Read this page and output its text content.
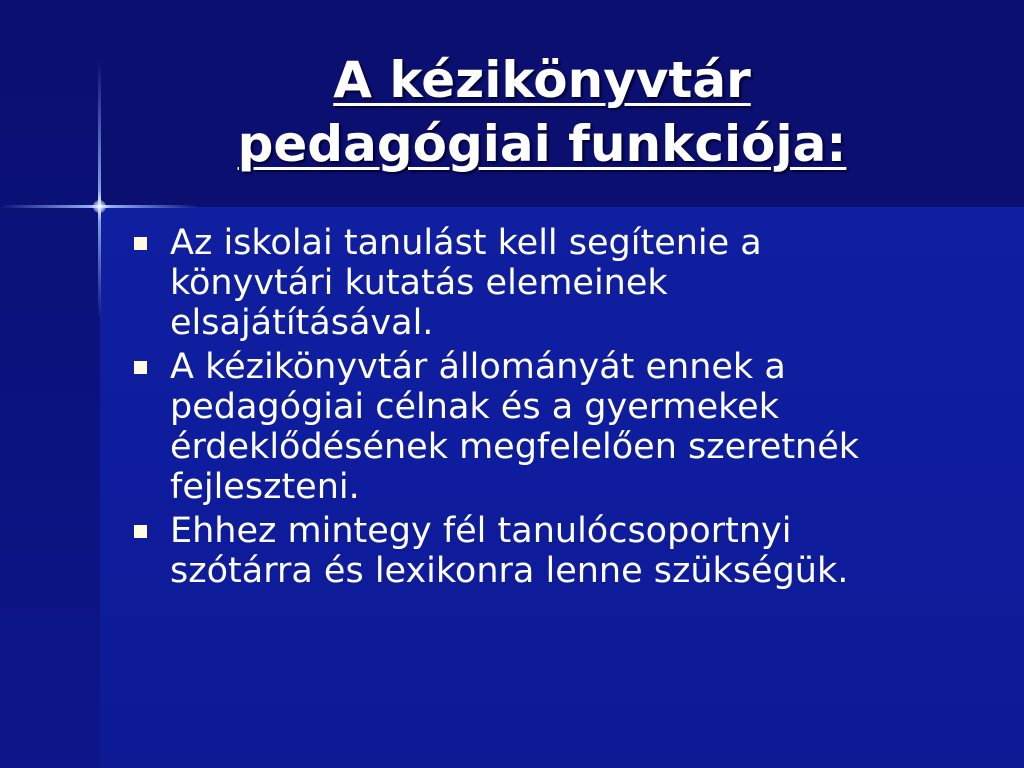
A kézikönyvtár
pedagógiai funkciója:
Az iskolai tanulást kell segítenie a
könyvtári kutatás elemeinek
elsajátításával.
A kézikönyvtár állományát ennek a
pedagógiai célnak és a gyermekek
érdeklődésének megfelelően szeretnék
fejleszteni.
Ehhez mintegy fél tanulócsoportnyi
szótárra és lexikonra lenne szükségük.
